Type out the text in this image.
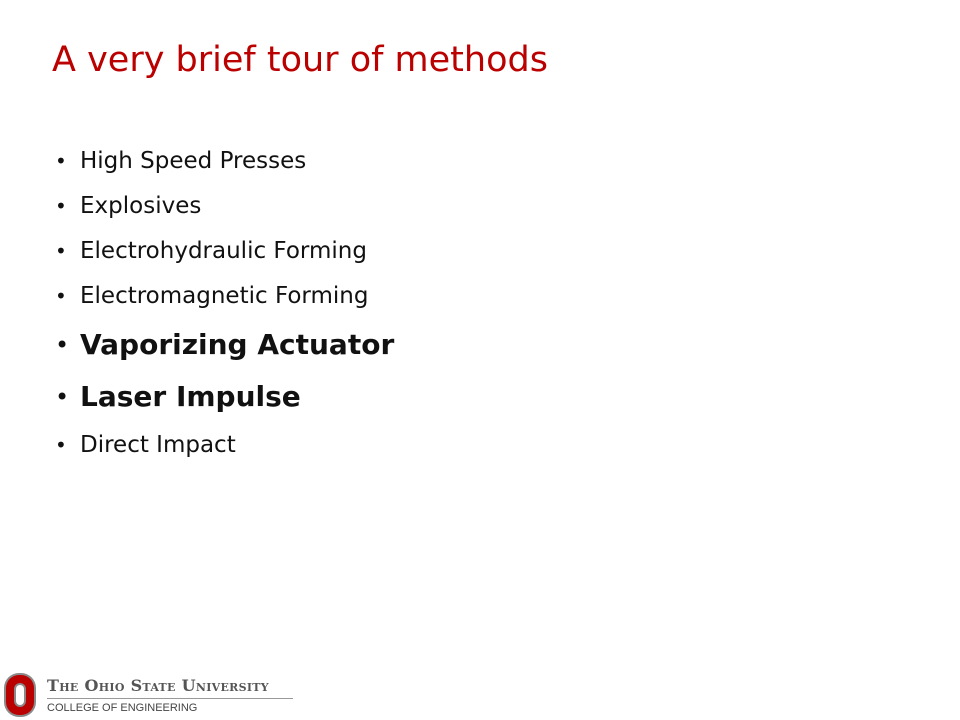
A very brief tour of methods
• High Speed Presses
• Explosives
• Electrohydraulic Forming
• Electromagnetic Forming
• Vaporizing Actuator
• Laser Impulse
• Direct Impact
The Ohio State University
COLLEGE OF ENGINEERING
